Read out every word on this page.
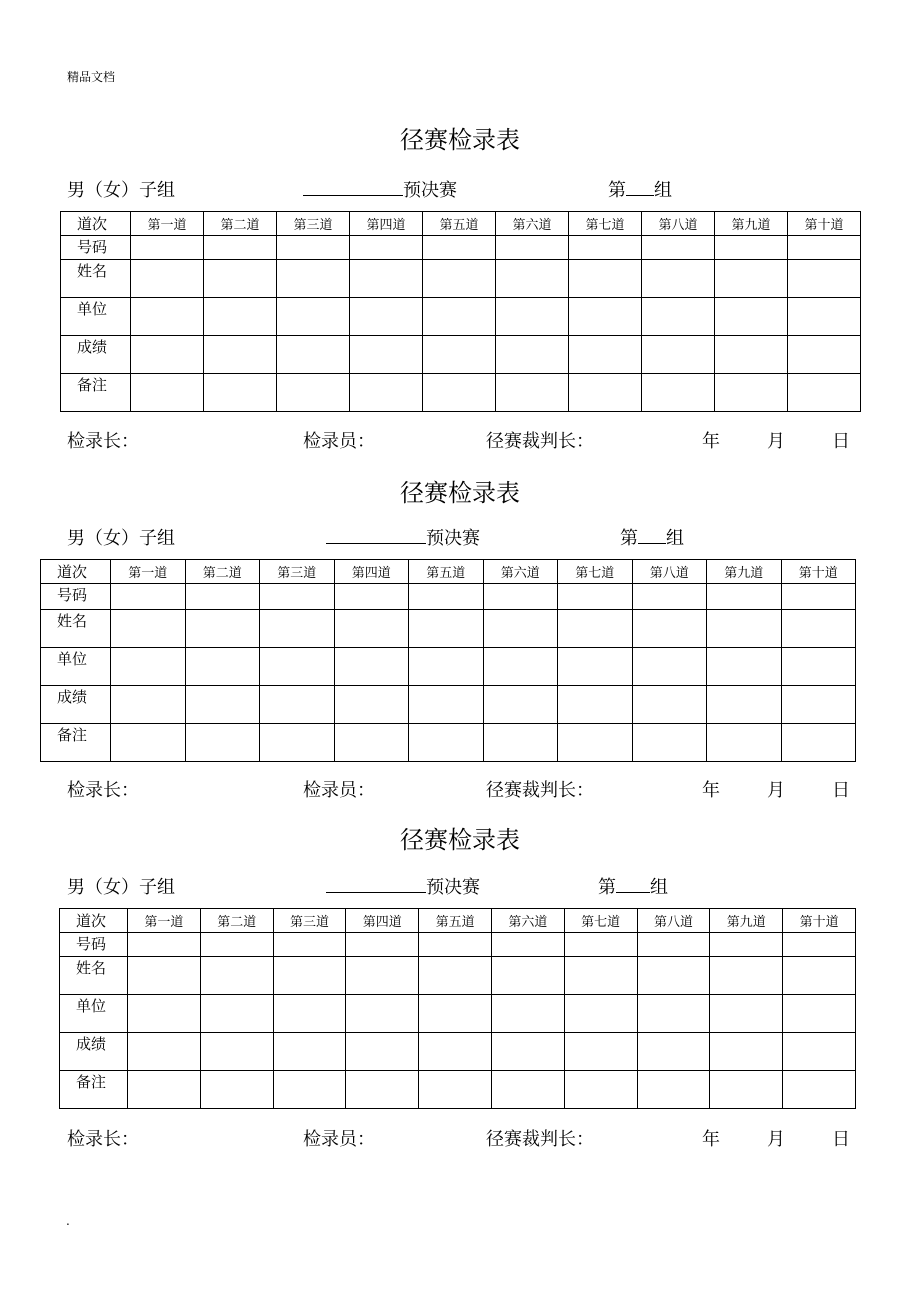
精品文档
径赛检录表
男（女）子组	预决赛	第 组
道次	第一道	第二道	第三道	第四道	第五道	第六道	第七道	第八道	第九道	第十道
号码										
姓名										
单位										
成绩										
备注										
检录长：	检录员：	径赛裁判长：	年	月	日
径赛检录表
男（女）子组	预决赛	第 组
道次	第一道	第二道	第三道	第四道	第五道	第六道	第七道	第八道	第九道	第十道
号码										
姓名										
单位										
成绩										
备注										
检录长：	检录员：	径赛裁判长：	年	月	日
径赛检录表
男（女）子组	预决赛	第 组
道次	第一道	第二道	第三道	第四道	第五道	第六道	第七道	第八道	第九道	第十道
号码										
姓名										
单位										
成绩										
备注										
检录长：	检录员：	径赛裁判长：	年	月	日
.
